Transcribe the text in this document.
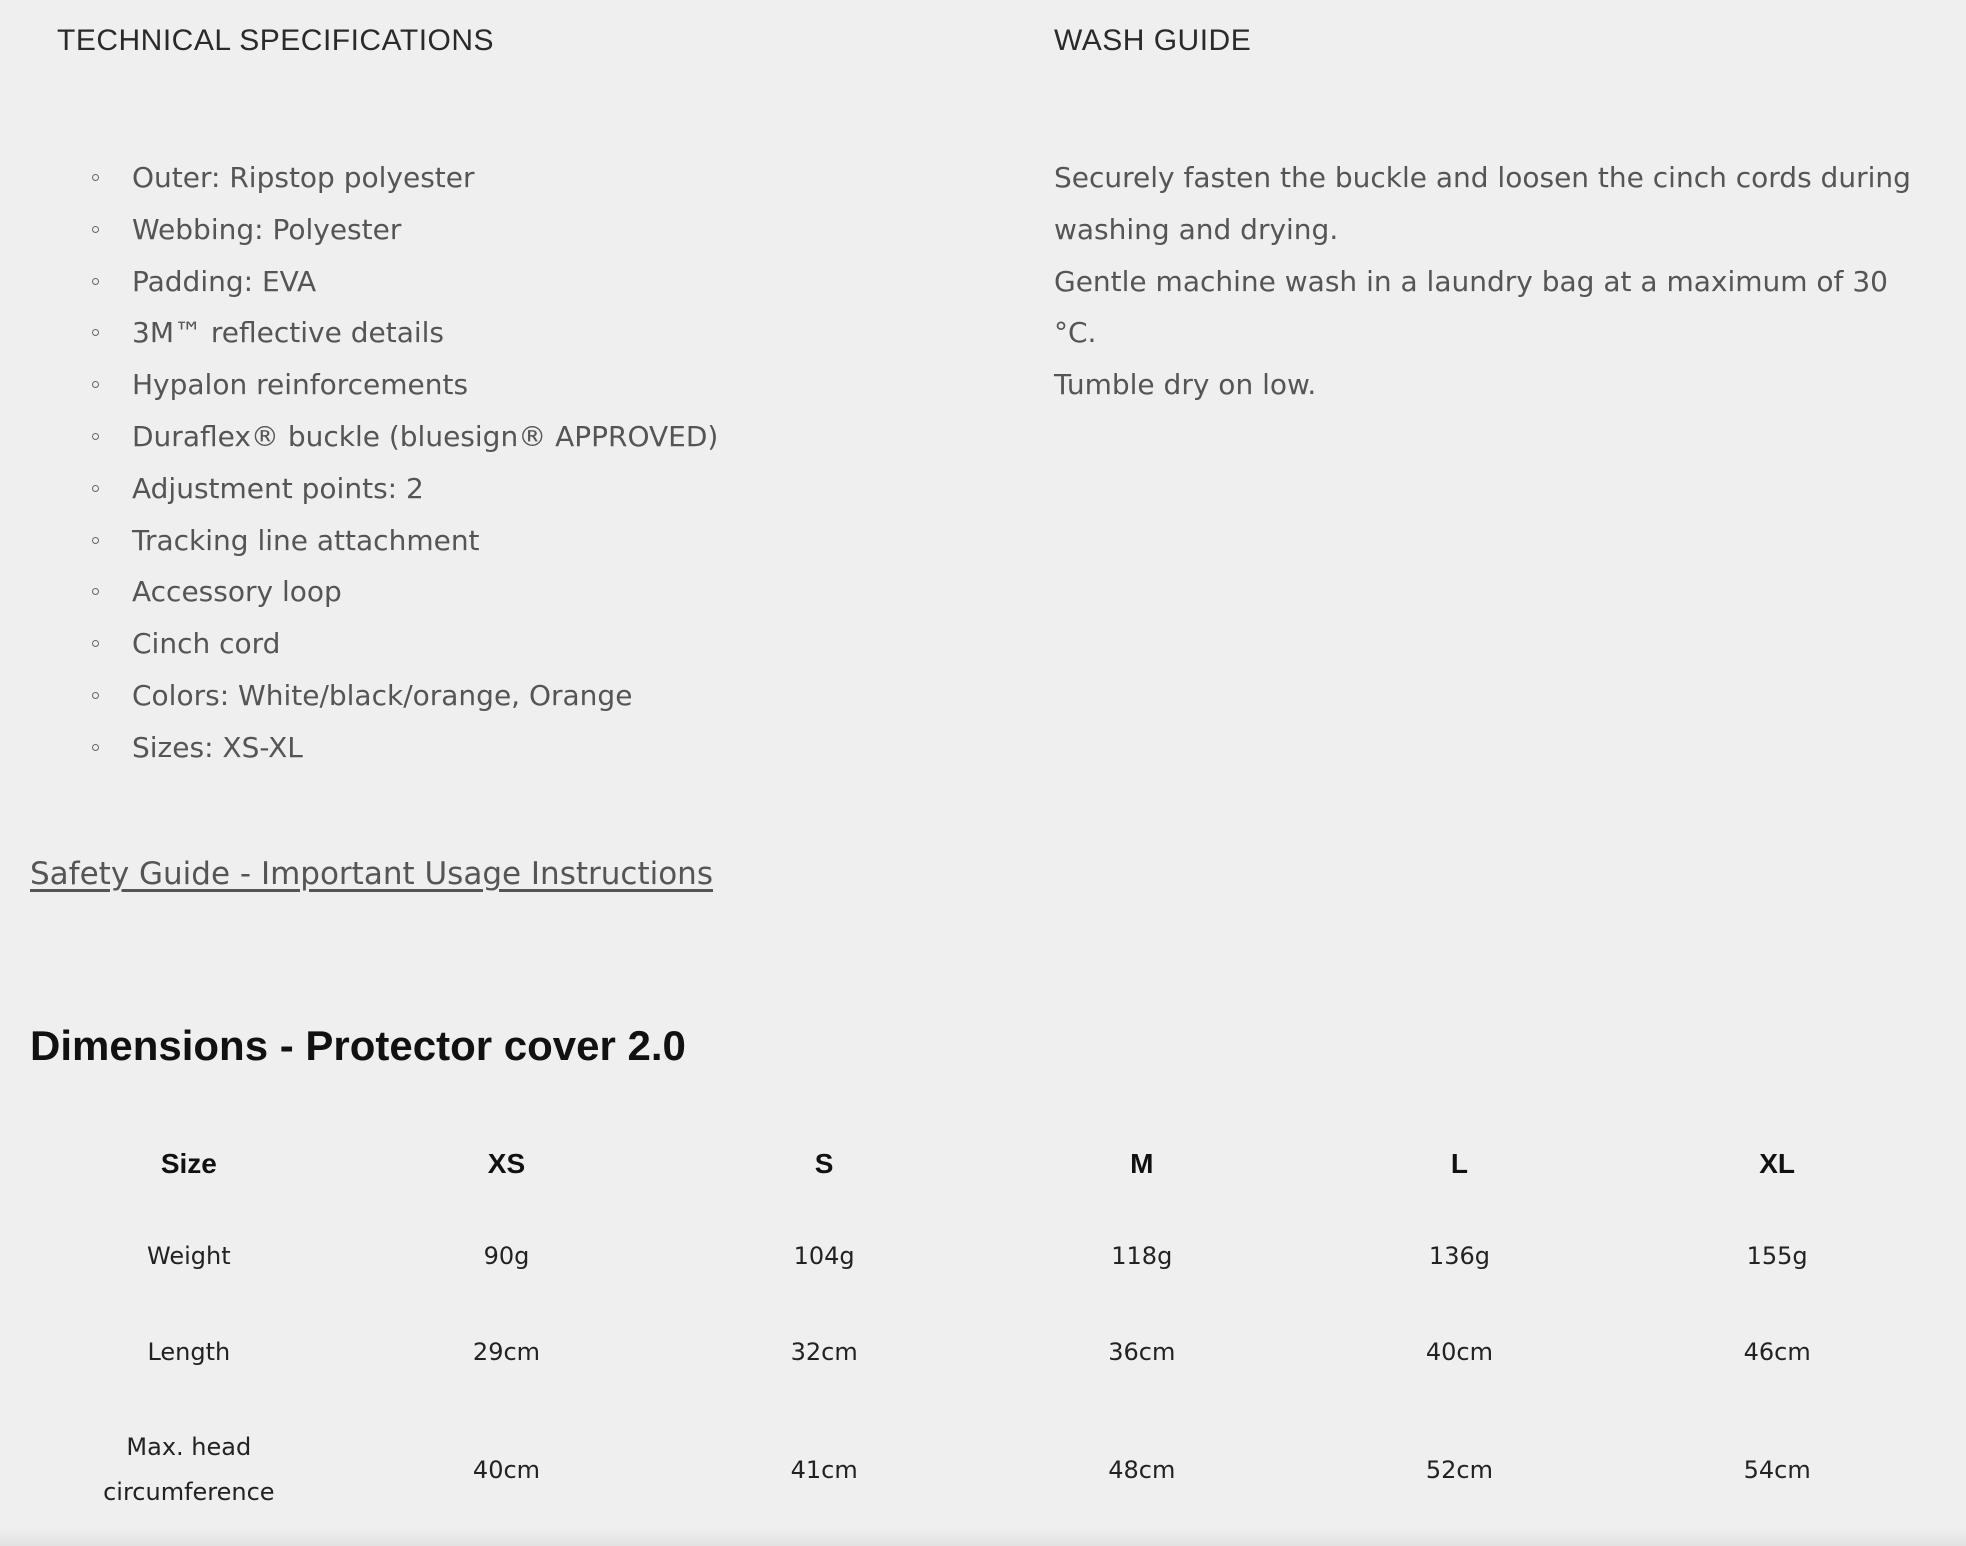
TECHNICAL SPECIFICATIONS
Outer: Ripstop polyester
Webbing: Polyester
Padding: EVA
3M™ reflective details
Hypalon reinforcements
Duraflex® buckle (bluesign® APPROVED)
Adjustment points: 2
Tracking line attachment
Accessory loop
Cinch cord
Colors: White/black/orange, Orange
Sizes: XS-XL
WASH GUIDE

Securely fasten the buckle and loosen the cinch cords during washing and drying.

Gentle machine wash in a laundry bag at a maximum of 30 °C.

Tumble dry on low.

Safety Guide - Important Usage Instructions
Dimensions - Protector cover 2.0
Size	XS	S	M	L	XL
Weight	90g	104g	118g	136g	155g
Length	29cm	32cm	36cm	40cm	46cm
Max. head circumference	40cm	41cm	48cm	52cm	54cm
